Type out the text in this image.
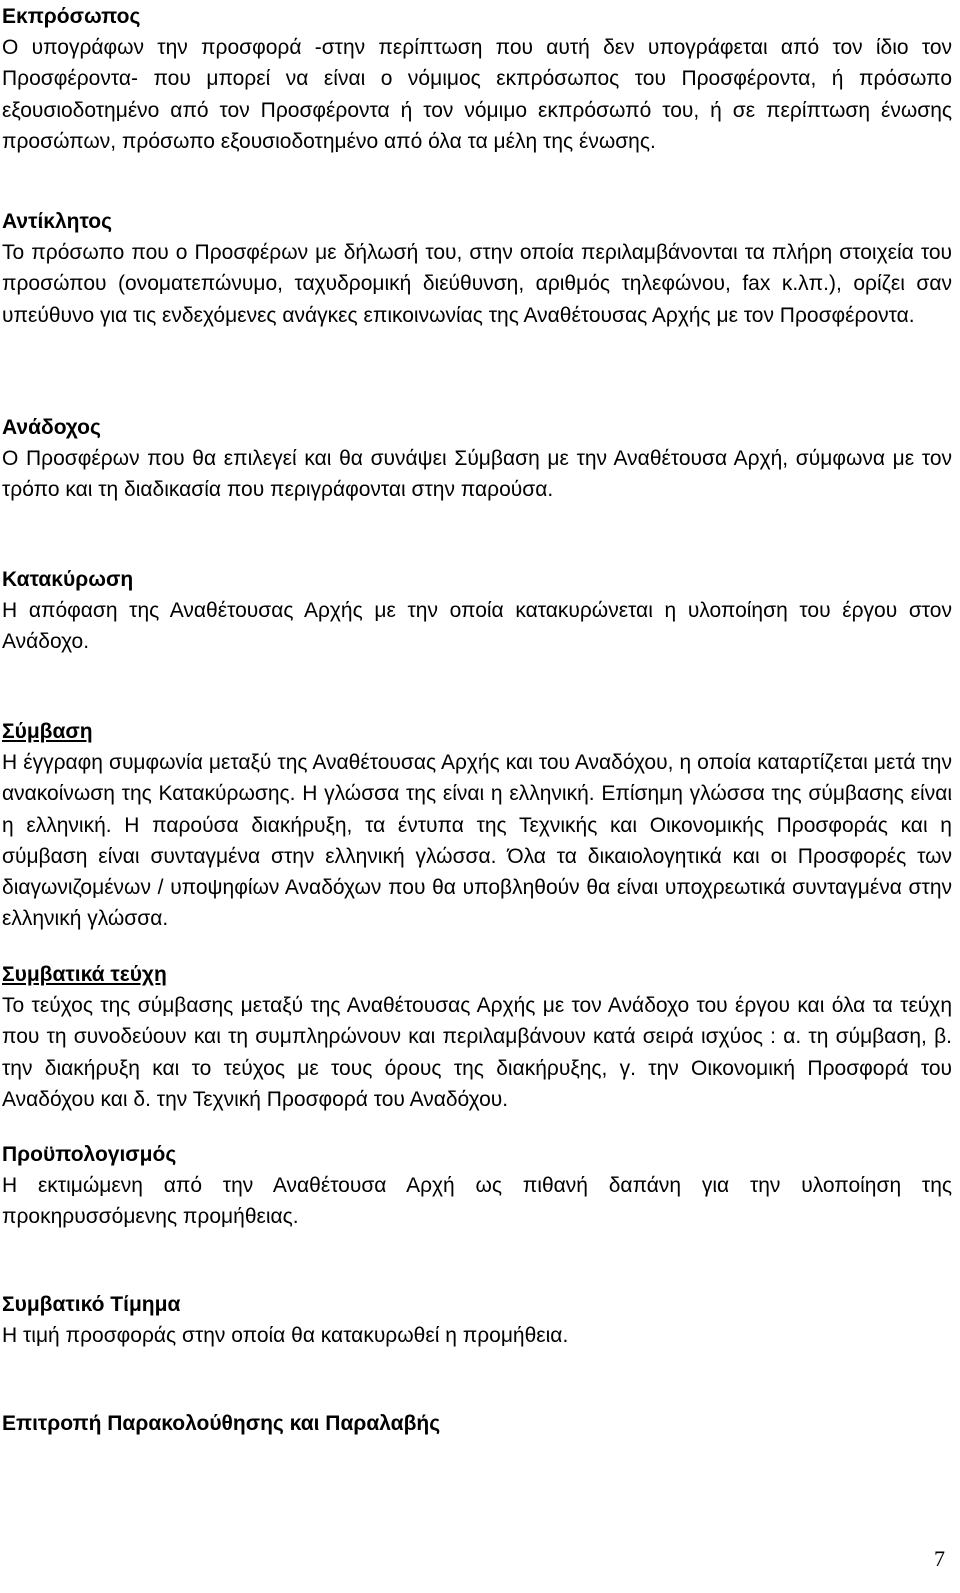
Εκπρόσωπος

Ο υπογράφων την προσφορά -στην περίπτωση που αυτή δεν υπογράφεται από τον ίδιο τον Προσφέροντα- που μπορεί να είναι ο νόμιμος εκπρόσωπος του Προσφέροντα, ή πρόσωπο εξουσιοδοτημένο από τον Προσφέροντα ή τον νόμιμο εκπρόσωπό του, ή σε περίπτωση ένωσης προσώπων, πρόσωπο εξουσιοδοτημένο από όλα τα μέλη της ένωσης.

Αντίκλητος

Το πρόσωπο που ο Προσφέρων με δήλωσή του, στην οποία περιλαμβάνονται τα πλήρη στοιχεία του προσώπου (ονοματεπώνυμο, ταχυδρομική διεύθυνση, αριθμός τηλεφώνου, fax κ.λπ.), ορίζει σαν υπεύθυνο για τις ενδεχόμενες ανάγκες επικοινωνίας της Αναθέτουσας Αρχής με τον Προσφέροντα.

Ανάδοχος

Ο Προσφέρων που θα επιλεγεί και θα συνάψει Σύμβαση με την Αναθέτουσα Αρχή, σύμφωνα με τον τρόπο και τη διαδικασία που περιγράφονται στην παρούσα.

Κατακύρωση

Η απόφαση της Αναθέτουσας Αρχής με την οποία κατακυρώνεται η υλοποίηση του έργου στον Ανάδοχο.

Σύμβαση

Η έγγραφη συμφωνία μεταξύ της Αναθέτουσας Αρχής και του Αναδόχου, η οποία καταρτίζεται μετά την ανακοίνωση της Κατακύρωσης. Η γλώσσα της είναι η ελληνική. Επίσημη γλώσσα της σύμβασης είναι η ελληνική. Η παρούσα διακήρυξη, τα έντυπα της Τεχνικής και Οικονομικής Προσφοράς και η σύμβαση είναι συνταγμένα στην ελληνική γλώσσα. Όλα τα δικαιολογητικά και οι Προσφορές των διαγωνιζομένων / υποψηφίων Αναδόχων που θα υποβληθούν θα είναι υποχρεωτικά συνταγμένα στην ελληνική γλώσσα.

Συμβατικά τεύχη

Το τεύχος της σύμβασης μεταξύ της Αναθέτουσας Αρχής με τον Ανάδοχο του έργου και όλα τα τεύχη που τη συνοδεύουν και τη συμπληρώνουν και περιλαμβάνουν κατά σειρά ισχύος : α. τη σύμβαση, β. την διακήρυξη και το τεύχος με τους όρους της διακήρυξης, γ. την Οικονομική Προσφορά του Αναδόχου και δ. την Τεχνική Προσφορά του Αναδόχου.

Προϋπολογισμός

Η εκτιμώμενη από την Αναθέτουσα Αρχή ως πιθανή δαπάνη για την υλοποίηση της προκηρυσσόμενης προμήθειας.

Συμβατικό Τίμημα

Η τιμή προσφοράς στην οποία θα κατακυρωθεί η προμήθεια.

Επιτροπή Παρακολούθησης και Παραλαβής

7
